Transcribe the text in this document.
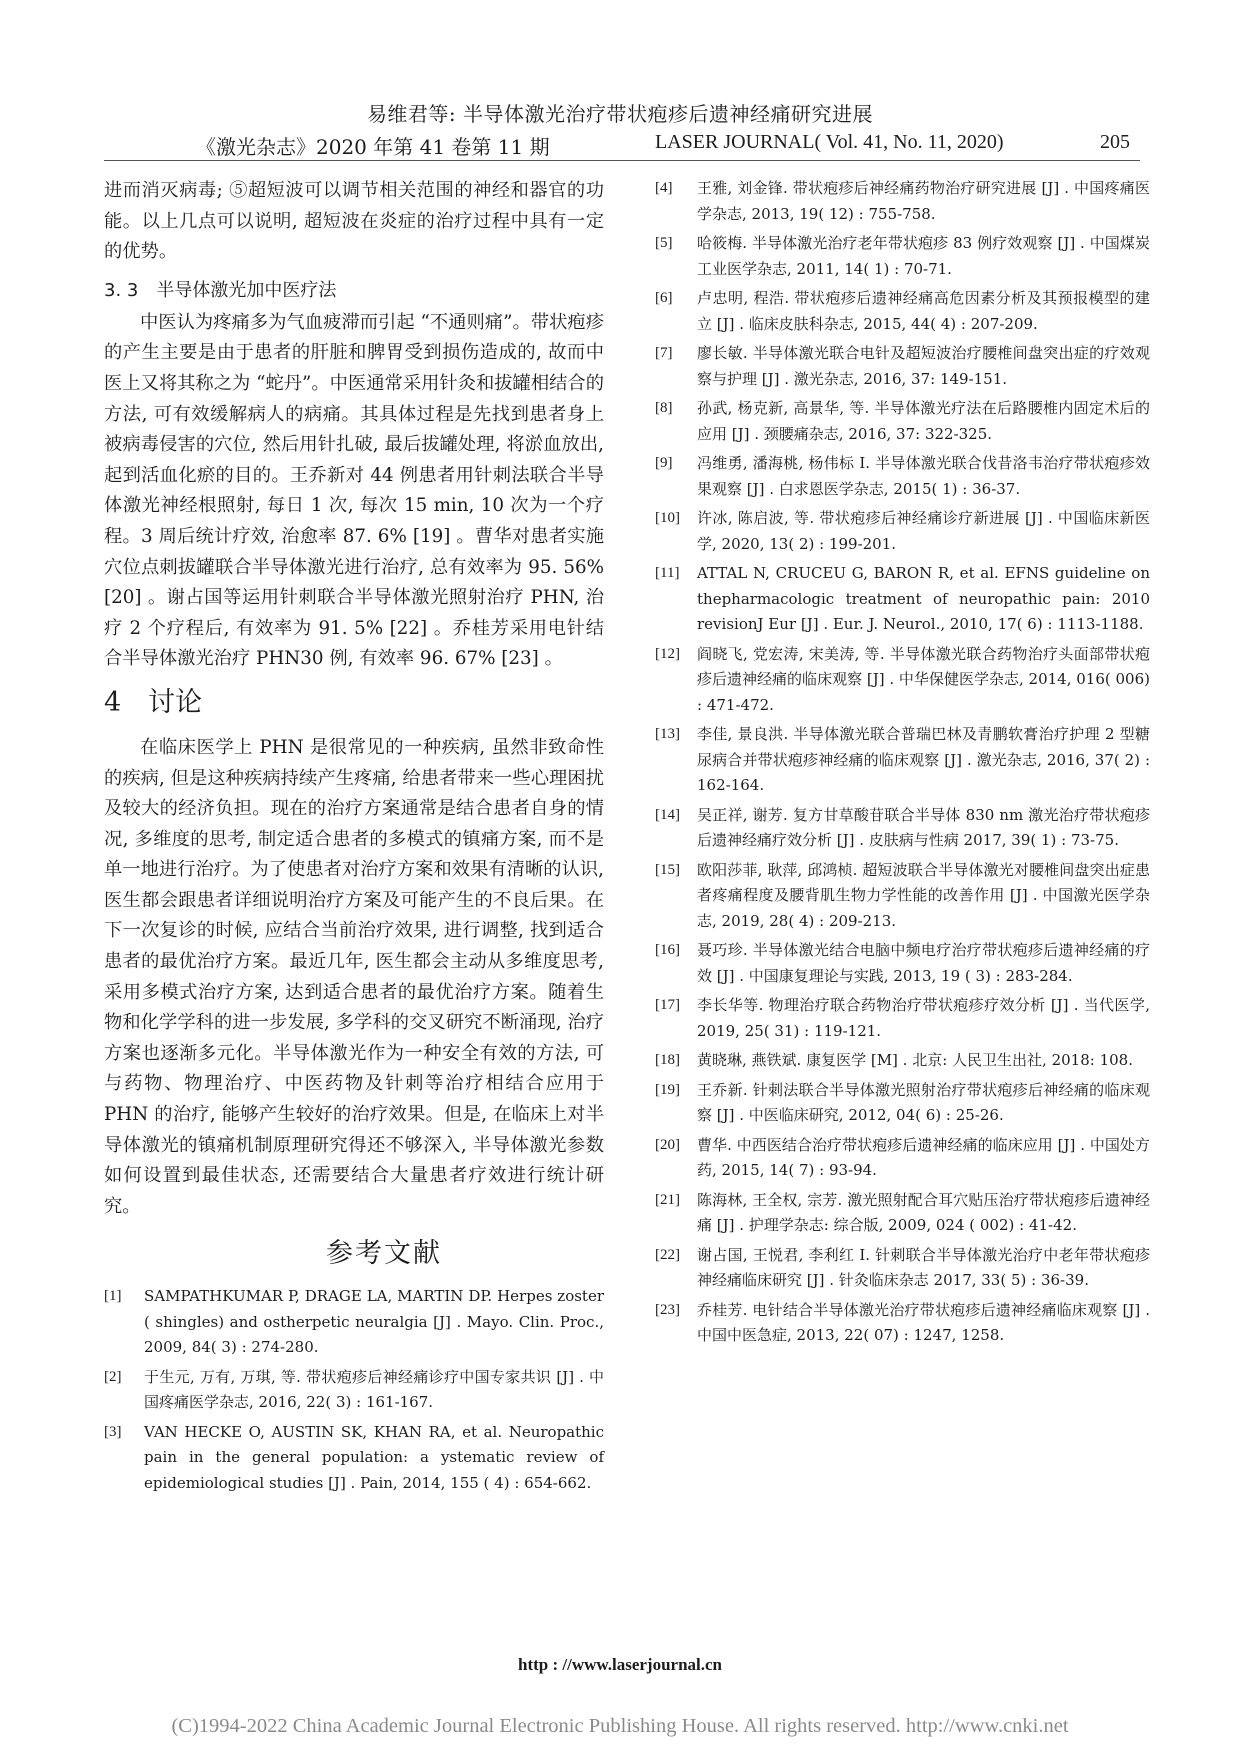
易维君等: 半导体激光治疗带状疱疹后遗神经痛研究进展
《激光杂志》2020 年第 41 卷第 11 期	LASER JOURNAL( Vol. 41, No. 11, 2020)	205

进而消灭病毒; ⑤超短波可以调节相关范围的神经和器官的功能。以上几点可以说明, 超短波在炎症的治疗过程中具有一定的优势。

3. 3　半导体激光加中医疗法

中医认为疼痛多为气血疲滞而引起 “不通则痛”。带状疱疹的产生主要是由于患者的肝脏和脾胃受到损伤造成的, 故而中医上又将其称之为 “蛇丹”。中医通常采用针灸和拔罐相结合的方法, 可有效缓解病人的病痛。其具体过程是先找到患者身上被病毒侵害的穴位, 然后用针扎破, 最后拔罐处理, 将淤血放出, 起到活血化瘀的目的。王乔新对 44 例患者用针刺法联合半导体激光神经根照射, 每日 1 次, 每次 15 min, 10 次为一个疗程。3 周后统计疗效, 治愈率 87. 6% [19] 。曹华对患者实施穴位点刺拔罐联合半导体激光进行治疗, 总有效率为 95. 56% [20] 。谢占国等运用针刺联合半导体激光照射治疗 PHN, 治疗 2 个疗程后, 有效率为 91. 5% [22] 。乔桂芳采用电针结合半导体激光治疗 PHN30 例, 有效率 96. 67% [23] 。

4 讨论

在临床医学上 PHN 是很常见的一种疾病, 虽然非致命性的疾病, 但是这种疾病持续产生疼痛, 给患者带来一些心理困扰及较大的经济负担。现在的治疗方案通常是结合患者自身的情况, 多维度的思考, 制定适合患者的多模式的镇痛方案, 而不是单一地进行治疗。为了使患者对治疗方案和效果有清晰的认识, 医生都会跟患者详细说明治疗方案及可能产生的不良后果。在下一次复诊的时候, 应结合当前治疗效果, 进行调整, 找到适合患者的最优治疗方案。最近几年, 医生都会主动从多维度思考, 采用多模式治疗方案, 达到适合患者的最优治疗方案。随着生物和化学学科的进一步发展, 多学科的交叉研究不断涌现, 治疗方案也逐渐多元化。半导体激光作为一种安全有效的方法, 可与药物、物理治疗、中医药物及针刺等治疗相结合应用于 PHN 的治疗, 能够产生较好的治疗效果。但是, 在临床上对半导体激光的镇痛机制原理研究得还不够深入, 半导体激光参数如何设置到最佳状态, 还需要结合大量患者疗效进行统计研究。

参考文献
[1] SAMPATHKUMAR P, DRAGE LA, MARTIN DP. Herpes zoster ( shingles) and ostherpetic neuralgia [J] . Mayo. Clin. Proc., 2009, 84( 3) : 274-280.
[2] 于生元, 万有, 万琪, 等. 带状疱疹后神经痛诊疗中国专家共识 [J] . 中国疼痛医学杂志, 2016, 22( 3) : 161-167.
[3] VAN HECKE O, AUSTIN SK, KHAN RA, et al. Neuropathic pain in the general population: a ystematic review of epidemiological studies [J] . Pain, 2014, 155 ( 4) : 654-662.
[4] 王雅, 刘金锋. 带状疱疹后神经痛药物治疗研究进展 [J] . 中国疼痛医学杂志, 2013, 19( 12) : 755-758.
[5] 哈筱梅. 半导体激光治疗老年带状疱疹 83 例疗效观察 [J] . 中国煤炭工业医学杂志, 2011, 14( 1) : 70-71.
[6] 卢忠明, 程浩. 带状疱疹后遗神经痛高危因素分析及其预报模型的建立 [J] . 临床皮肤科杂志, 2015, 44( 4) : 207-209.
[7] 廖长敏. 半导体激光联合电针及超短波治疗腰椎间盘突出症的疗效观察与护理 [J] . 激光杂志, 2016, 37: 149-151.
[8] 孙武, 杨克新, 高景华, 等. 半导体激光疗法在后路腰椎内固定术后的应用 [J] . 颈腰痛杂志, 2016, 37: 322-325.
[9] 冯维勇, 潘海桃, 杨伟标 I. 半导体激光联合伐昔洛韦治疗带状疱疹效果观察 [J] . 白求恩医学杂志, 2015( 1) : 36-37.
[10] 许冰, 陈启波, 等. 带状疱疹后神经痛诊疗新进展 [J] . 中国临床新医学, 2020, 13( 2) : 199-201.
[11] ATTAL N, CRUCEU G, BARON R, et al. EFNS guideline on thepharmacologic treatment of neuropathic pain: 2010 revisionJ Eur [J] . Eur. J. Neurol., 2010, 17( 6) : 1113-1188.
[12] 阎晓飞, 党宏涛, 宋美涛, 等. 半导体激光联合药物治疗头面部带状疱疹后遗神经痛的临床观察 [J] . 中华保健医学杂志, 2014, 016( 006) : 471-472.
[13] 李佳, 景良洪. 半导体激光联合普瑞巴林及青鹏软膏治疗护理 2 型糖尿病合并带状疱疹神经痛的临床观察 [J] . 激光杂志, 2016, 37( 2) : 162-164.
[14] 吴正祥, 谢芳. 复方甘草酸苷联合半导体 830 nm 激光治疗带状疱疹后遗神经痛疗效分析 [J] . 皮肤病与性病 2017, 39( 1) : 73-75.
[15] 欧阳莎菲, 耿萍, 邱鸿桢. 超短波联合半导体激光对腰椎间盘突出症患者疼痛程度及腰背肌生物力学性能的改善作用 [J] . 中国激光医学杂志, 2019, 28( 4) : 209-213.
[16] 聂巧珍. 半导体激光结合电脑中频电疗治疗带状疱疹后遗神经痛的疗效 [J] . 中国康复理论与实践, 2013, 19 ( 3) : 283-284.
[17] 李长华等. 物理治疗联合药物治疗带状疱疹疗效分析 [J] . 当代医学, 2019, 25( 31) : 119-121.
[18] 黄晓琳, 燕铁斌. 康复医学 [M] . 北京: 人民卫生出社, 2018: 108.
[19] 王乔新. 针刺法联合半导体激光照射治疗带状疱疹后神经痛的临床观察 [J] . 中医临床研究, 2012, 04( 6) : 25-26.
[20] 曹华. 中西医结合治疗带状疱疹后遗神经痛的临床应用 [J] . 中国处方药, 2015, 14( 7) : 93-94.
[21] 陈海林, 王全权, 宗芳. 激光照射配合耳穴贴压治疗带状疱疹后遗神经痛 [J] . 护理学杂志: 综合版, 2009, 024 ( 002) : 41-42.
[22] 谢占国, 王悦君, 李利红 I. 针刺联合半导体激光治疗中老年带状疱疹神经痛临床研究 [J] . 针灸临床杂志 2017, 33( 5) : 36-39.
[23] 乔桂芳. 电针结合半导体激光治疗带状疱疹后遗神经痛临床观察 [J] . 中国中医急症, 2013, 22( 07) : 1247, 1258.
http : //www.laserjournal.cn
(C)1994-2022 China Academic Journal Electronic Publishing House. All rights reserved. http://www.cnki.net
